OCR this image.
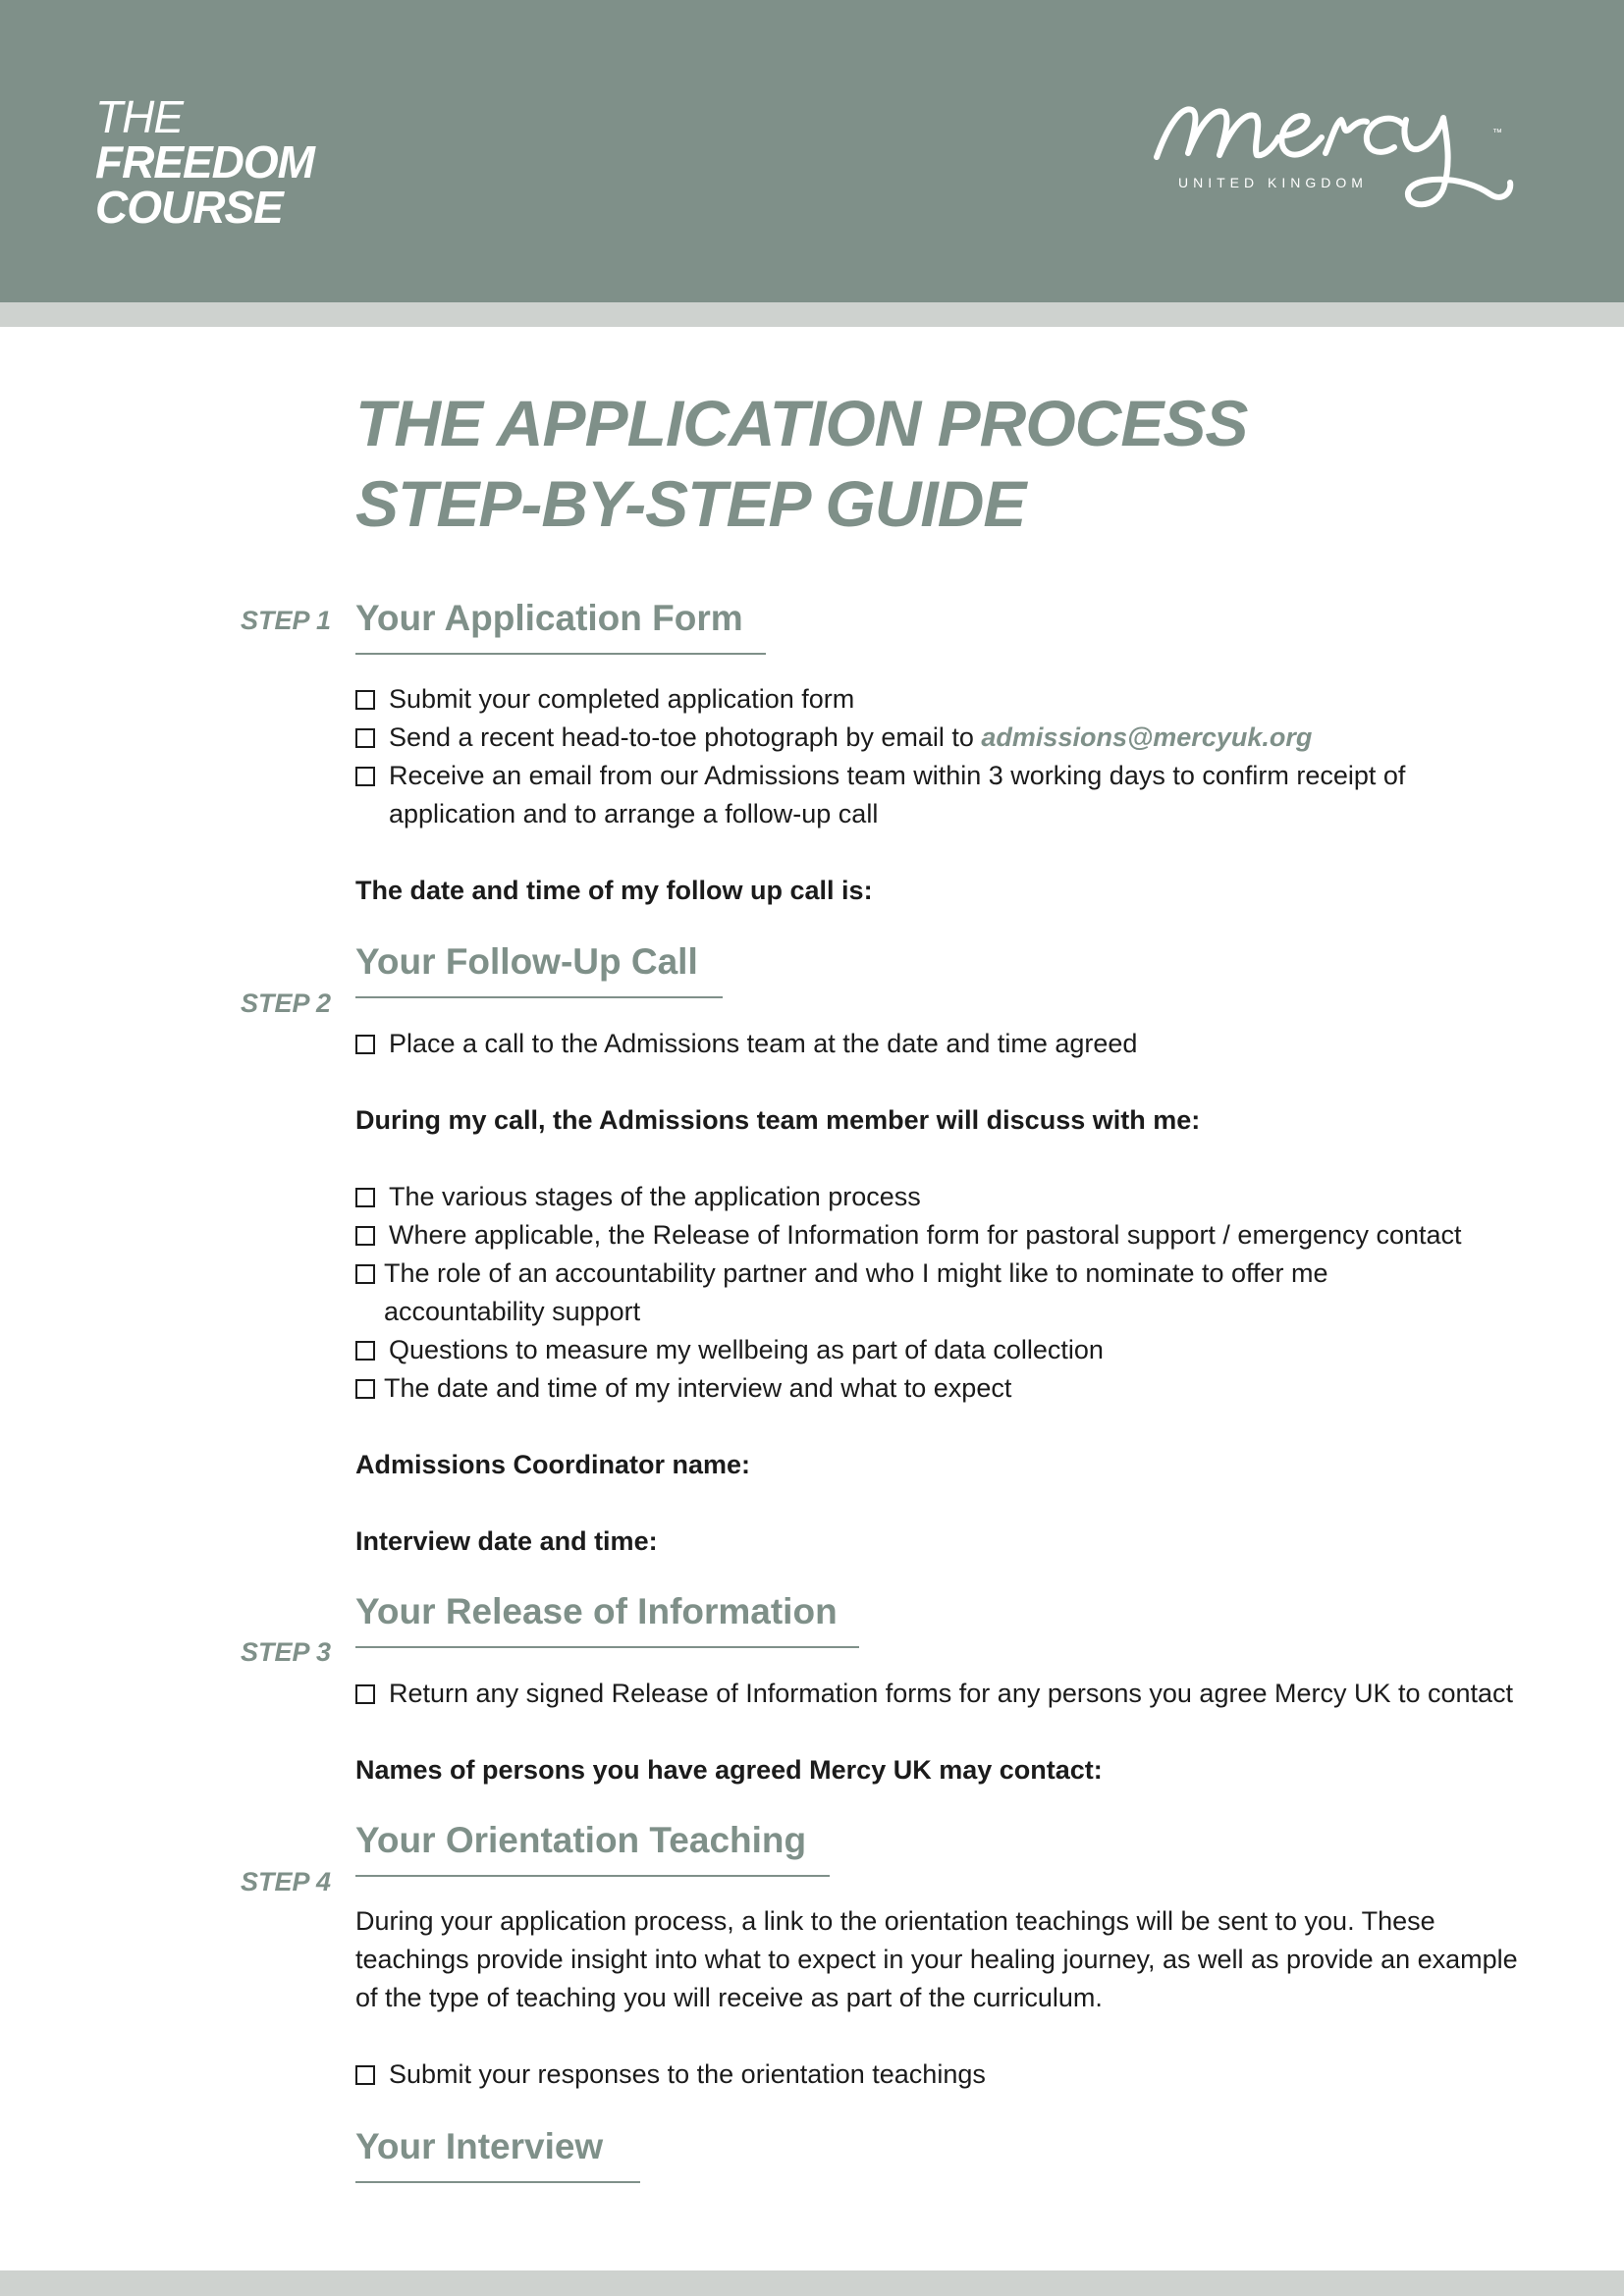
THE
FREEDOM
COURSE
™
UNITED KINGDOM
THE APPLICATION PROCESS
STEP-BY-STEP GUIDE
STEP 1 Your Application Form
Submit your completed application form
Send a recent head-to-toe photograph by email to admissions@mercyuk.org
Receive an email from our Admissions team within 3 working days to confirm receipt of application and to arrange a follow-up call
The date and time of my follow up call is:
Your Follow-Up Call
STEP 2
Place a call to the Admissions team at the date and time agreed
During my call, the Admissions team member will discuss with me:
The various stages of the application process
Where applicable, the Release of Information form for pastoral support / emergency contact
The role of an accountability partner and who I might like to nominate to offer me accountability support
Questions to measure my wellbeing as part of data collection
The date and time of my interview and what to expect
Admissions Coordinator name:
Interview date and time:
Your Release of Information
STEP 3
Return any signed Release of Information forms for any persons you agree Mercy UK to contact
Names of persons you have agreed Mercy UK may contact:
Your Orientation Teaching
STEP 4
During your application process, a link to the orientation teachings will be sent to you. These teachings provide insight into what to expect in your healing journey, as well as provide an example of the type of teaching you will receive as part of the curriculum.
Submit your responses to the orientation teachings
Your Interview
